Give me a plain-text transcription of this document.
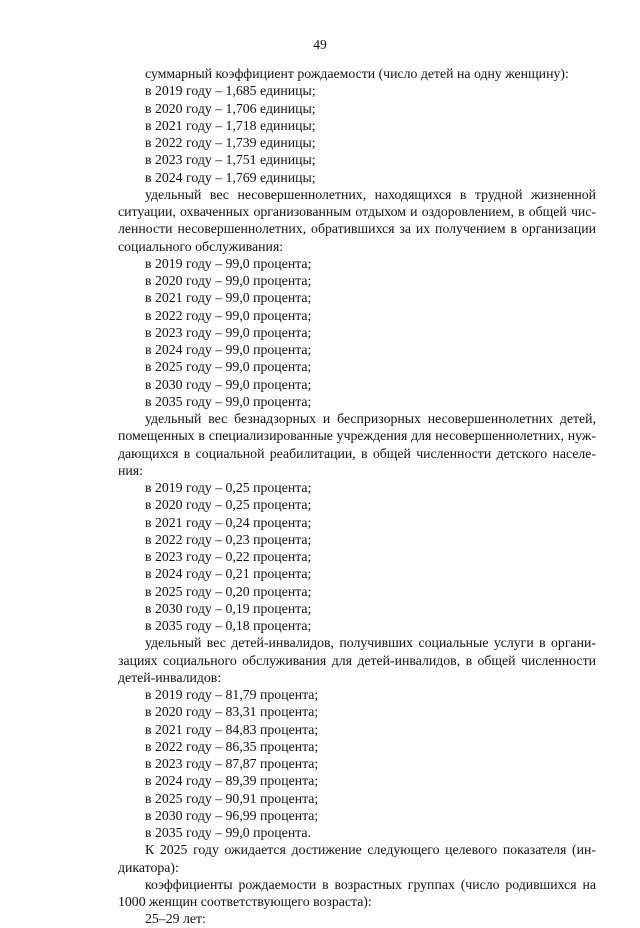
49

суммарный коэффициент рождаемости (число детей на одну женщину):

в 2019 году – 1,685 единицы;
в 2020 году – 1,706 единицы;
в 2021 году – 1,718 единицы;
в 2022 году – 1,739 единицы;
в 2023 году – 1,751 единицы;
в 2024 году – 1,769 единицы;

удельный вес несовершеннолетних, находящихся в трудной жизненной ситуации, охваченных организованным отдыхом и оздоровлением, в общей численности несовершеннолетних, обратившихся за их получением в организации социального обслуживания:

в 2019 году – 99,0 процента;
в 2020 году – 99,0 процента;
в 2021 году – 99,0 процента;
в 2022 году – 99,0 процента;
в 2023 году – 99,0 процента;
в 2024 году – 99,0 процента;
в 2025 году – 99,0 процента;
в 2030 году – 99,0 процента;
в 2035 году – 99,0 процента;

удельный вес безнадзорных и беспризорных несовершеннолетних детей, помещенных в специализированные учреждения для несовершеннолетних, нуждающихся в социальной реабилитации, в общей численности детского населения:

в 2019 году – 0,25 процента;
в 2020 году – 0,25 процента;
в 2021 году – 0,24 процента;
в 2022 году – 0,23 процента;
в 2023 году – 0,22 процента;
в 2024 году – 0,21 процента;
в 2025 году – 0,20 процента;
в 2030 году – 0,19 процента;
в 2035 году – 0,18 процента;

удельный вес детей-инвалидов, получивших социальные услуги в организациях социального обслуживания для детей-инвалидов, в общей численности детей-инвалидов:

в 2019 году – 81,79 процента;
в 2020 году – 83,31 процента;
в 2021 году – 84,83 процента;
в 2022 году – 86,35 процента;
в 2023 году – 87,87 процента;
в 2024 году – 89,39 процента;
в 2025 году – 90,91 процента;
в 2030 году – 96,99 процента;
в 2035 году – 99,0 процента.

К 2025 году ожидается достижение следующего целевого показателя (индикатора):

коэффициенты рождаемости в возрастных группах (число родившихся на 1000 женщин соответствующего возраста):

25–29 лет:
